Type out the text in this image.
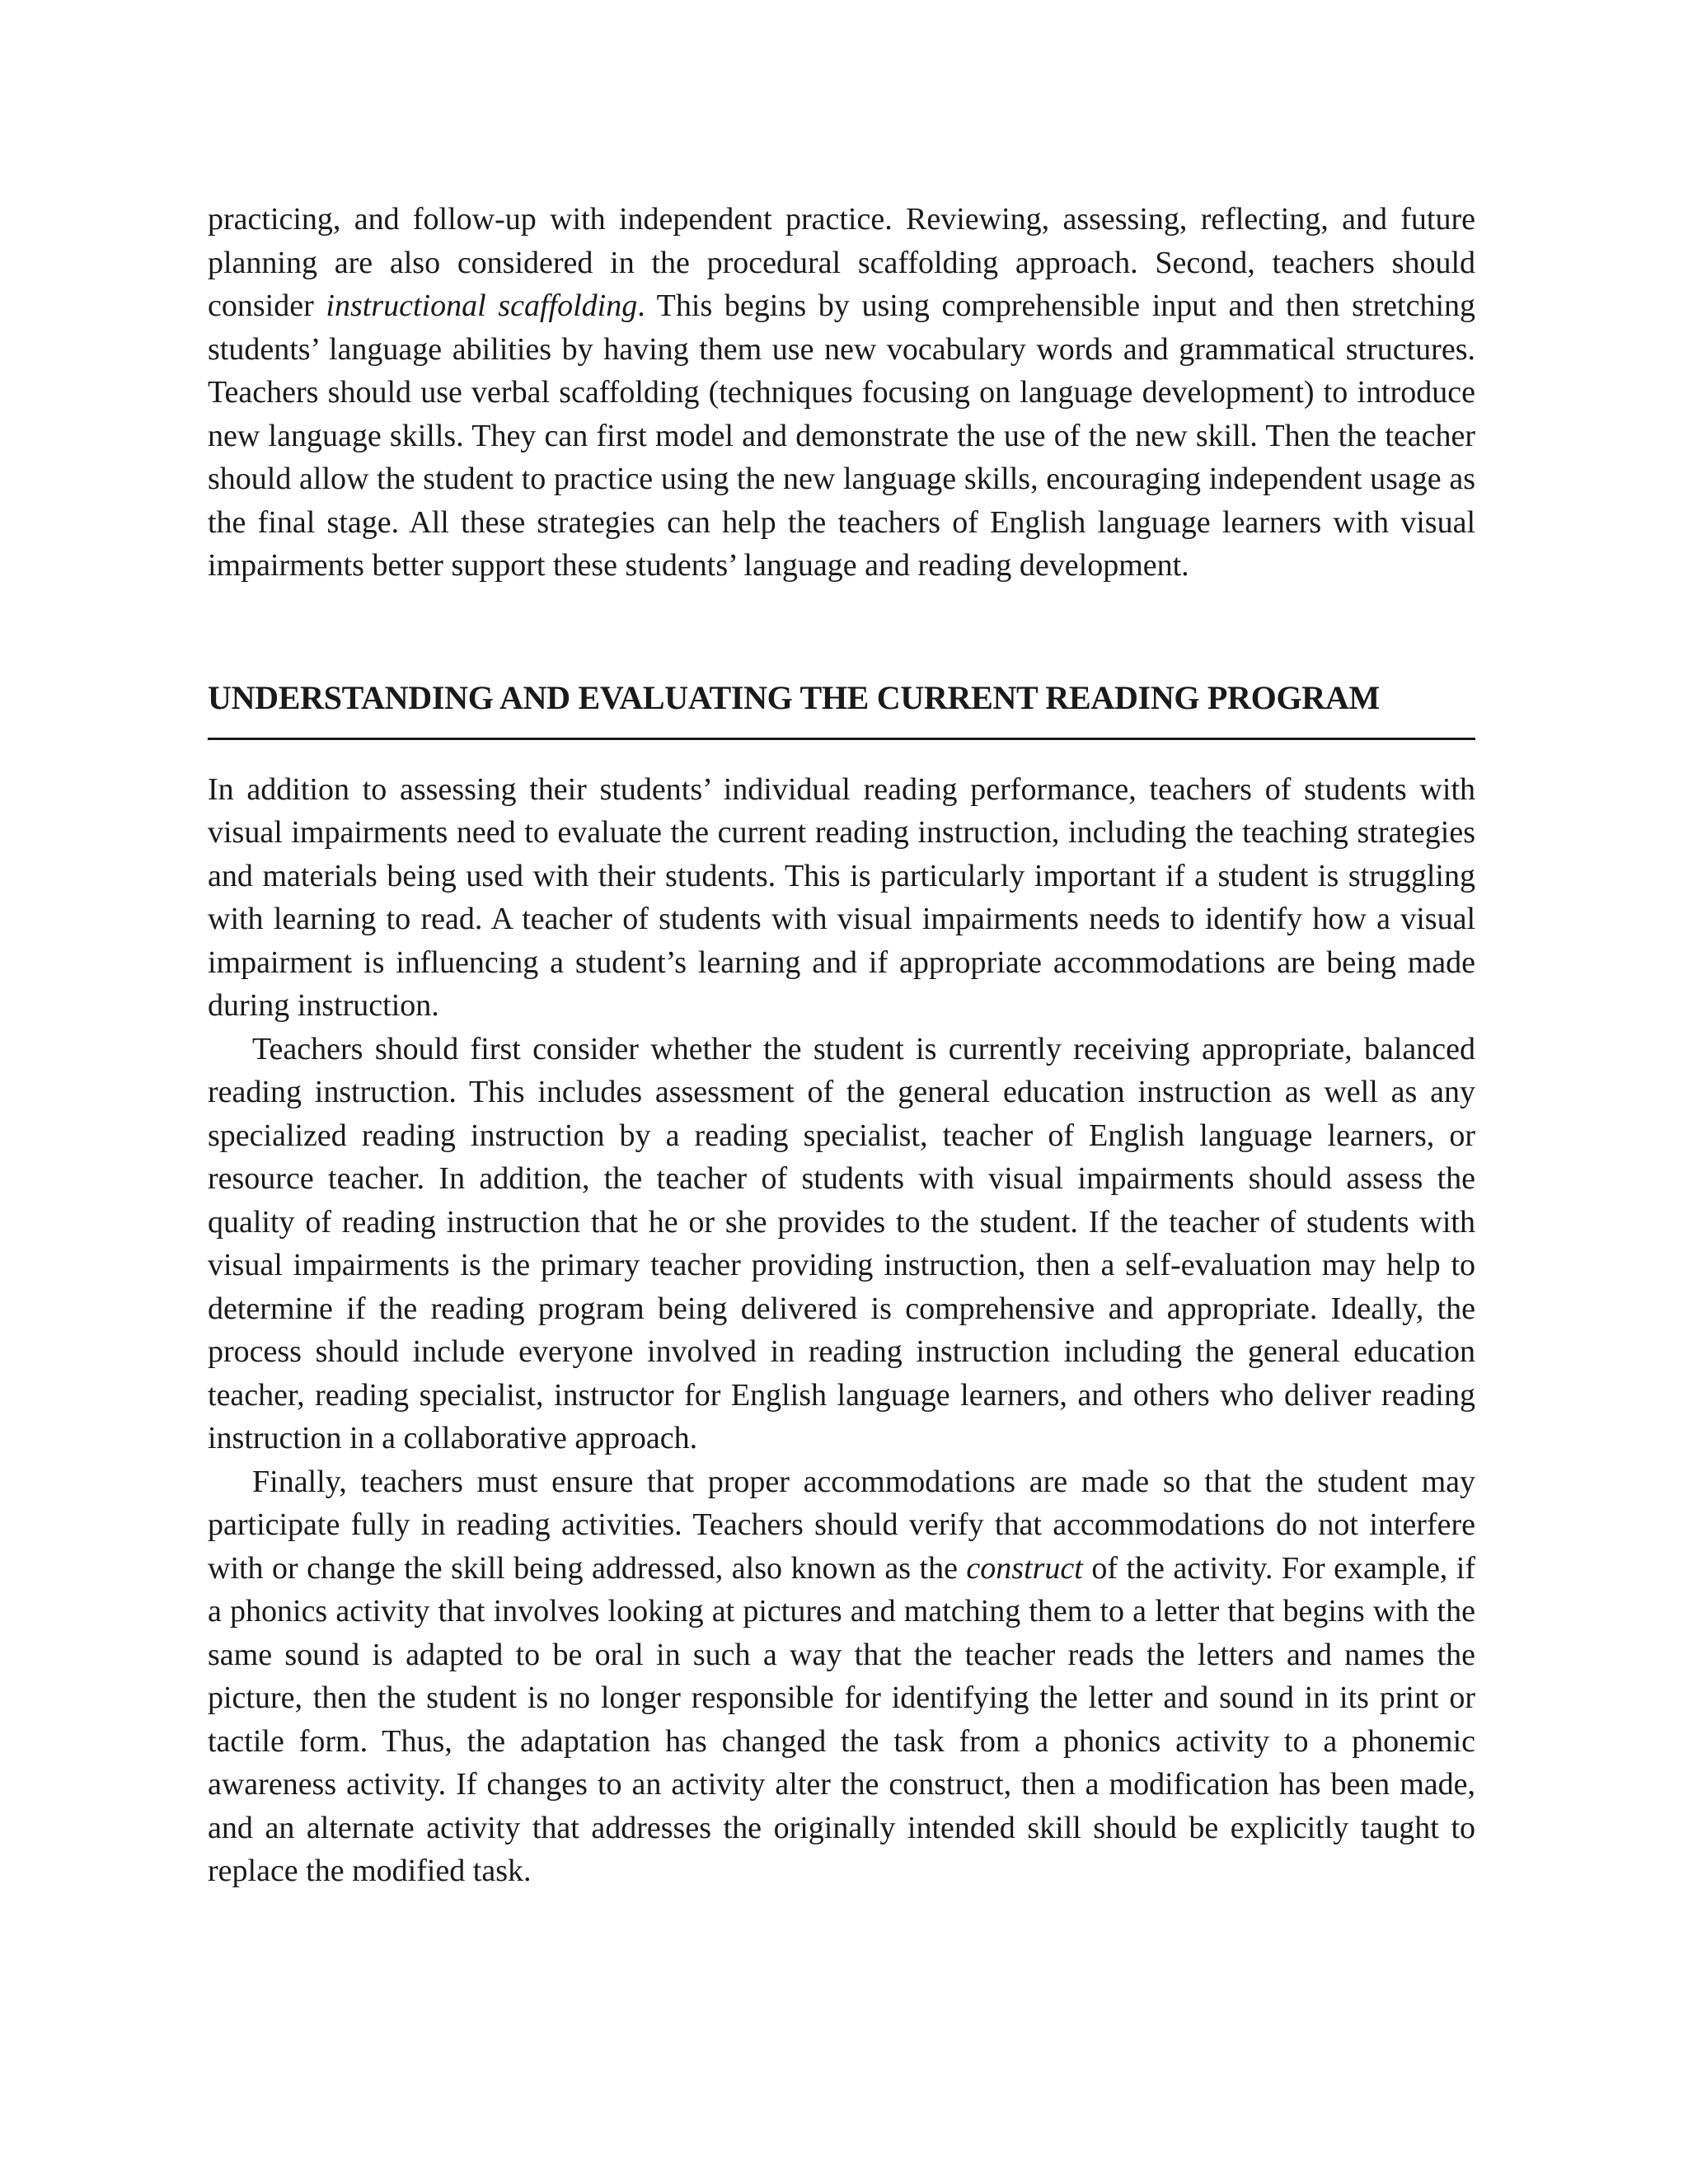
practicing, and follow-up with independent practice. Reviewing, assessing, reflecting, and future planning are also considered in the procedural scaffolding approach. Second, teachers should consider instructional scaffolding. This begins by using comprehensible input and then stretching students’ language abilities by having them use new vocabulary words and grammatical structures. Teachers should use verbal scaffolding (techniques focusing on language development) to introduce new language skills. They can first model and demonstrate the use of the new skill. Then the teacher should allow the student to practice using the new language skills, encouraging independent usage as the final stage. All these strategies can help the teachers of English language learners with visual impairments better support these students’ language and reading development.

UNDERSTANDING AND EVALUATING THE CURRENT READING PROGRAM

In addition to assessing their students’ individual reading performance, teachers of students with visual impairments need to evaluate the current reading instruction, including the teaching strategies and materials being used with their students. This is particularly important if a student is struggling with learning to read. A teacher of students with visual impairments needs to identify how a visual impairment is influencing a student’s learning and if appropriate accommodations are being made during instruction.

Teachers should first consider whether the student is currently receiving appropriate, balanced reading instruction. This includes assessment of the general education instruction as well as any specialized reading instruction by a reading specialist, teacher of English language learners, or resource teacher. In addition, the teacher of students with visual impairments should assess the quality of reading instruction that he or she provides to the student. If the teacher of students with visual impairments is the primary teacher providing instruction, then a self-evaluation may help to determine if the reading program being delivered is comprehensive and appropriate. Ideally, the process should include everyone involved in reading instruction including the general education teacher, reading specialist, instructor for English language learners, and others who deliver reading instruction in a collaborative approach.

Finally, teachers must ensure that proper accommodations are made so that the student may participate fully in reading activities. Teachers should verify that accommodations do not interfere with or change the skill being addressed, also known as the construct of the activity. For example, if a phonics activity that involves looking at pictures and matching them to a letter that begins with the same sound is adapted to be oral in such a way that the teacher reads the letters and names the picture, then the student is no longer responsible for identifying the letter and sound in its print or tactile form. Thus, the adaptation has changed the task from a phonics activity to a phonemic awareness activity. If changes to an activity alter the construct, then a modification has been made, and an alternate activity that addresses the originally intended skill should be explicitly taught to replace the modified task.
